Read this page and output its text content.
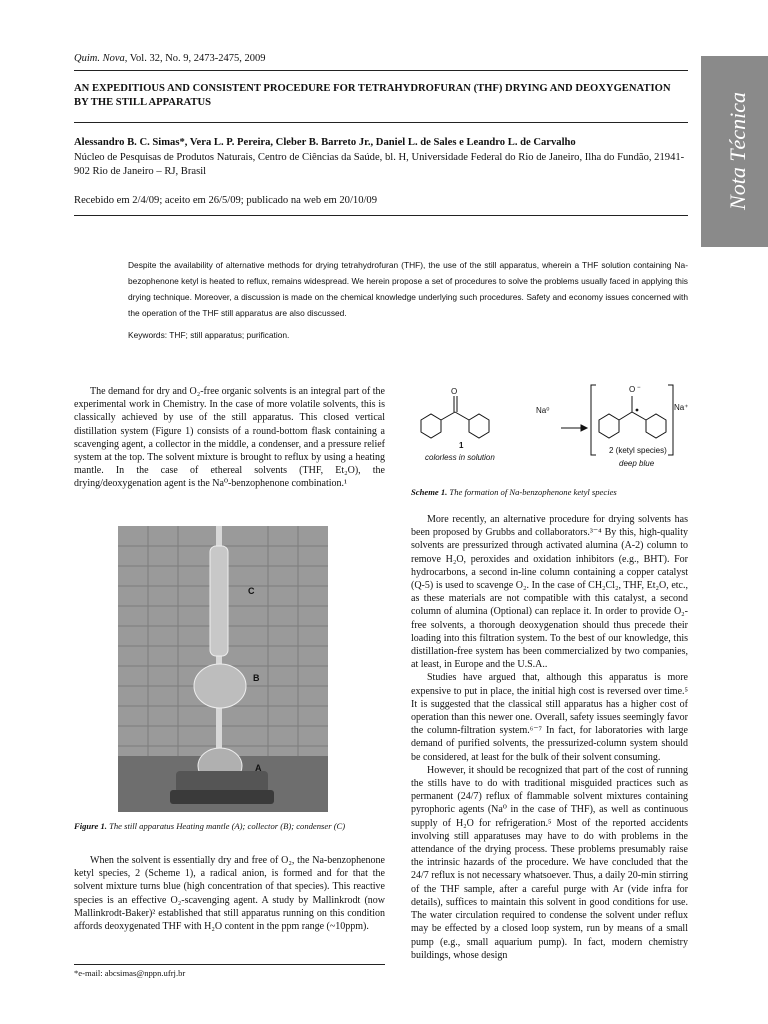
Quim. Nova, Vol. 32, No. 9, 2473-2475, 2009
Nota Técnica
AN EXPEDITIOUS AND CONSISTENT PROCEDURE FOR TETRAHYDROFURAN (THF) DRYING AND DEOXYGENATION BY THE STILL APPARATUS
Alessandro B. C. Simas*, Vera L. P. Pereira, Cleber B. Barreto Jr., Daniel L. de Sales e Leandro L. de Carvalho
Núcleo de Pesquisas de Produtos Naturais, Centro de Ciências da Saúde, bl. H, Universidade Federal do Rio de Janeiro, Ilha do Fundão, 21941-902 Rio de Janeiro – RJ, Brasil
Recebido em 2/4/09; aceito em 26/5/09; publicado na web em 20/10/09
Despite the availability of alternative methods for drying tetrahydrofuran (THF), the use of the still apparatus, wherein a THF solution containing Na-bezophenone ketyl is heated to reflux, remains widespread. We herein propose a set of procedures to solve the problems usually faced in applying this drying technique. Moreover, a discussion is made on the chemical knowledge underlying such procedures. Safety and economy issues concerned with the operation of the THF still apparatus are also discussed.
Keywords: THF; still apparatus; purification.

The demand for dry and O₂-free organic solvents is an integral part of the experimental work in Chemistry. In the case of more volatile solvents, this is classically achieved by use of the still apparatus. This closed vertical distillation system (Figure 1) consists of a round-bottom flask containing a scavenging agent, a collector in the middle, a condenser, and a pressure relief system at the top. The solvent mixture is brought to reflux by using a heating mantle. In the case of ethereal solvents (THF, Et₂O), the drying/deoxygenation agent is the Na⁰-benzophenone combination.¹

C
B
A
Figure 1. The still apparatus Heating mantle (A); collector (B); condenser (C)

When the solvent is essentially dry and free of O₂, the Na-benzophenone ketyl species, 2 (Scheme 1), a radical anion, is formed and for that the solvent mixture turns blue (high concentration of that species). This reactive species is an effective O₂-scavenging agent. A study by Mallinkrodt (now Mallinkrodt-Baker)² established that still apparatus running on this condition affords deoxygenated THF with H₂O content in the ppm range (~10ppm).

*e-mail: abcsimas@nppn.ufrj.br
O	O −
Na⁰
1
colorless in solution
2 (ketyl species)
deep blue
Na⁺
Scheme 1. The formation of Na-benzophenone ketyl species

More recently, an alternative procedure for drying solvents has been proposed by Grubbs and collaborators.³⁻⁴ By this, high-quality solvents are pressurized through activated alumina (A-2) column to remove H₂O, peroxides and oxidation inhibitors (e.g., BHT). For hydrocarbons, a second in-line column containing a copper catalyst (Q-5) is used to scavenge O₂. In the case of CH₂Cl₂, THF, Et₂O, etc., as these materials are not compatible with this catalyst, a second column of alumina (Optional) can replace it. In order to provide O₂-free solvents, a thorough deoxygenation should thus precede their loading into this filtration system. To the best of our knowledge, this distillation-free system has been commercialized by two companies, at least, in Europe and the U.S.A..

Studies have argued that, although this apparatus is more expensive to put in place, the initial high cost is reversed over time.⁵ It is suggested that the classical still apparatus has a higher cost of operation than this newer one. Overall, safety issues seemingly favor the column-filtration system.⁶⁻⁷ In fact, for laboratories with large demand of purified solvents, the pressurized-column system should be considered, at least for the bulk of their solvent consuming.

However, it should be recognized that part of the cost of running the stills have to do with traditional misguided practices such as permanent (24/7) reflux of flammable solvent mixtures containing pyrophoric agents (Na⁰ in the case of THF), as well as continuous supply of H₂O for refrigeration.⁵ Most of the reported accidents involving still apparatuses may have to do with problems in the attendance of the drying process. These problems presumably raise the intrinsic hazards of the procedure. We have concluded that the 24/7 reflux is not necessary whatsoever. Thus, a daily 20-min stirring of the THF sample, after a careful purge with Ar (vide infra for details), suffices to maintain this solvent in good conditions for use. The water circulation required to condense the solvent under reflux may be effected by a closed loop system, run by means of a small pump (e.g., small aquarium pump). In fact, modern chemistry buildings, whose design
